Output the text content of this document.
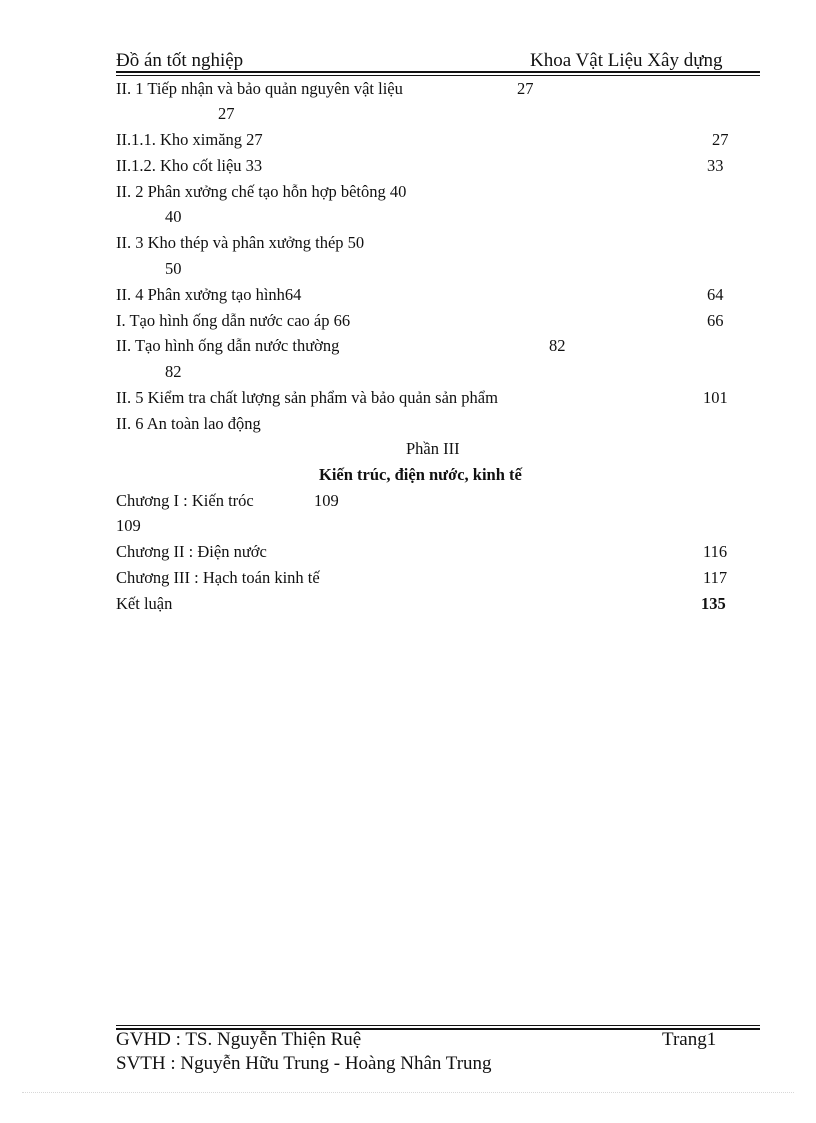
Đồ án tốt nghiệp	Khoa Vật Liệu Xây dựng
II. 1 Tiếp nhận và bảo quản nguyên vật liệu	27
27
II.1.1. Kho ximăng 27	27
II.1.2. Kho cốt liệu 33	33
II. 2 Phân xưởng chế tạo hỗn hợp bêtông 40
40
II. 3 Kho thép và phân xưởng thép 50
50
II. 4 Phân xưởng tạo hình64	64
I. Tạo hình ống dẫn nước cao áp 66	66
II. Tạo hình ống dẫn nước thường	82
82
II. 5 Kiểm tra chất lượng sản phẩm và bảo quản sản phẩm	101
II. 6 An toàn lao động
Phần III
Kiến trúc, điện nước, kinh tế
Chương I : Kiến tróc	109
109
Chương II : Điện nước	116
Chương III : Hạch toán kinh tế	117
Kết luận	135
GVHD : TS. Nguyễn Thiện Ruệ	Trang1
SVTH : Nguyễn Hữu Trung - Hoàng Nhân Trung
